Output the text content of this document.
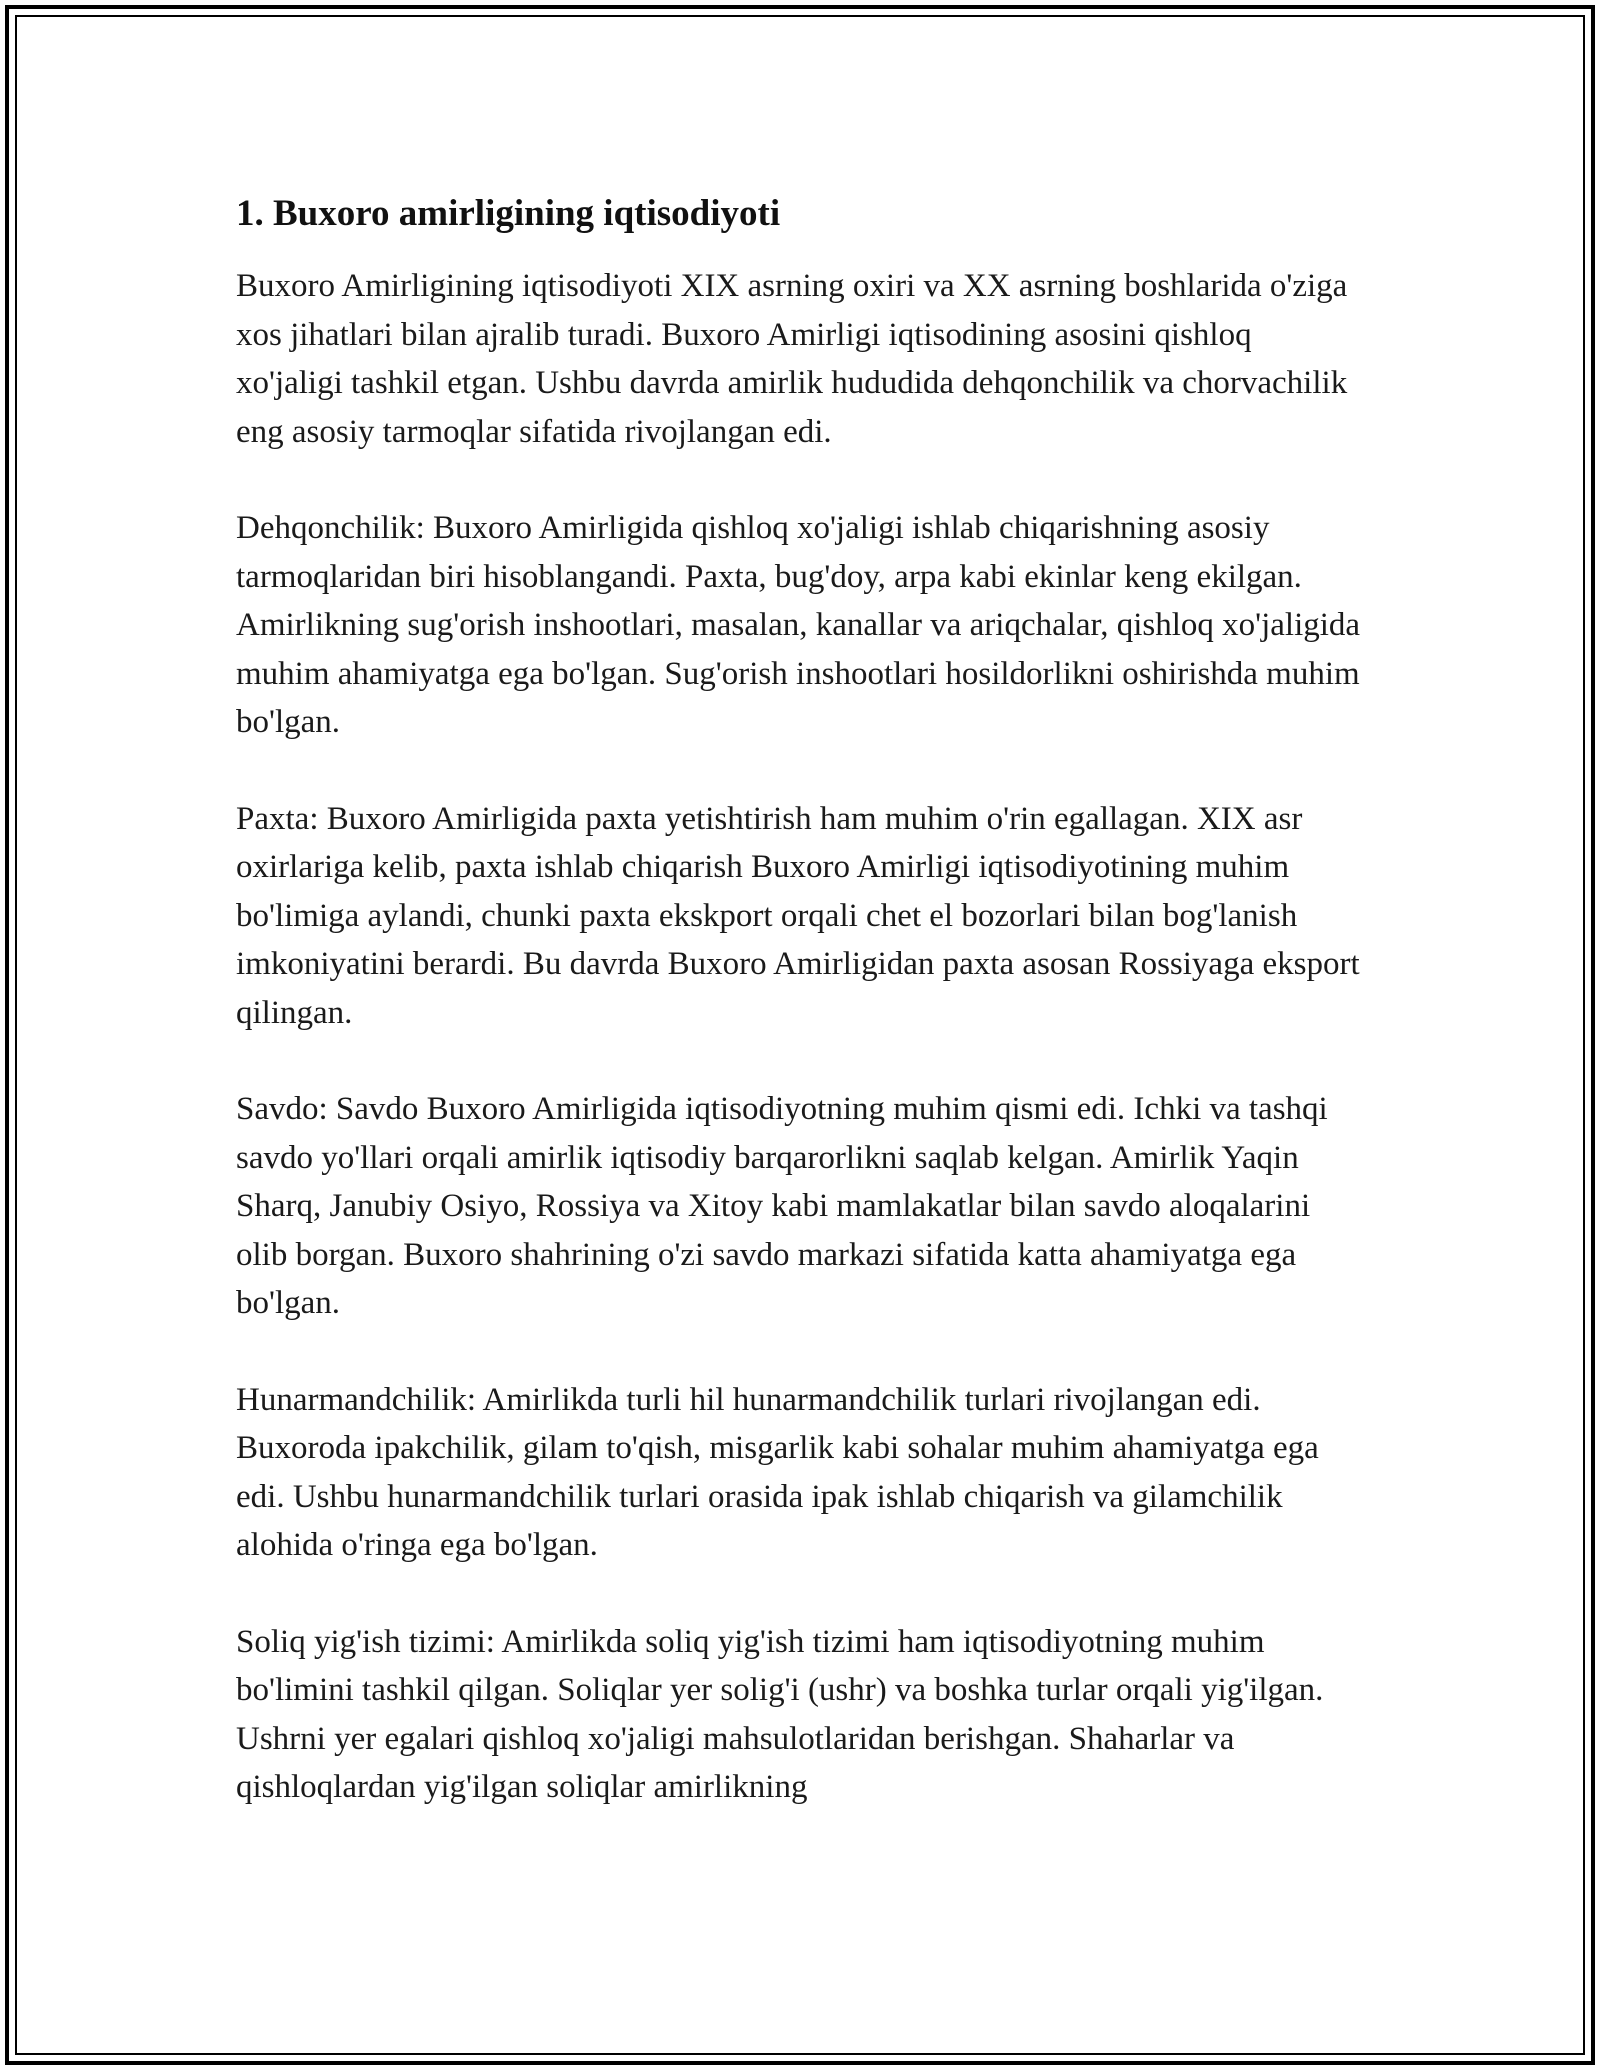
1. Buxoro amirligining iqtisodiyoti

Buxoro Amirligining iqtisodiyoti XIX asrning oxiri va XX asrning boshlarida o'ziga xos jihatlari bilan ajralib turadi. Buxoro Amirligi iqtisodining asosini qishloq xo'jaligi tashkil etgan. Ushbu davrda amirlik hududida dehqonchilik va chorvachilik eng asosiy tarmoqlar sifatida rivojlangan edi.

Dehqonchilik: Buxoro Amirligida qishloq xo'jaligi ishlab chiqarishning asosiy tarmoqlaridan biri hisoblangandi. Paxta, bug'doy, arpa kabi ekinlar keng ekilgan. Amirlikning sug'orish inshootlari, masalan, kanallar va ariqchalar, qishloq xo'jaligida muhim ahamiyatga ega bo'lgan. Sug'orish inshootlari hosildorlikni oshirishda muhim bo'lgan.

Paxta: Buxoro Amirligida paxta yetishtirish ham muhim o'rin egallagan. XIX asr oxirlariga kelib, paxta ishlab chiqarish Buxoro Amirligi iqtisodiyotining muhim bo'limiga aylandi, chunki paxta ekskport orqali chet el bozorlari bilan bog'lanish imkoniyatini berardi. Bu davrda Buxoro Amirligidan paxta asosan Rossiyaga eksport qilingan.

Savdo: Savdo Buxoro Amirligida iqtisodiyotning muhim qismi edi. Ichki va tashqi savdo yo'llari orqali amirlik iqtisodiy barqarorlikni saqlab kelgan. Amirlik Yaqin Sharq, Janubiy Osiyo, Rossiya va Xitoy kabi mamlakatlar bilan savdo aloqalarini olib borgan. Buxoro shahrining o'zi savdo markazi sifatida katta ahamiyatga ega bo'lgan.

Hunarmandchilik: Amirlikda turli hil hunarmandchilik turlari rivojlangan edi. Buxoroda ipakchilik, gilam to'qish, misgarlik kabi sohalar muhim ahamiyatga ega edi. Ushbu hunarmandchilik turlari orasida ipak ishlab chiqarish va gilamchilik alohida o'ringa ega bo'lgan.

Soliq yig'ish tizimi: Amirlikda soliq yig'ish tizimi ham iqtisodiyotning muhim bo'limini tashkil qilgan. Soliqlar yer solig'i (ushr) va boshka turlar orqali yig'ilgan. Ushrni yer egalari qishloq xo'jaligi mahsulotlaridan berishgan. Shaharlar va qishloqlardan yig'ilgan soliqlar amirlikning
